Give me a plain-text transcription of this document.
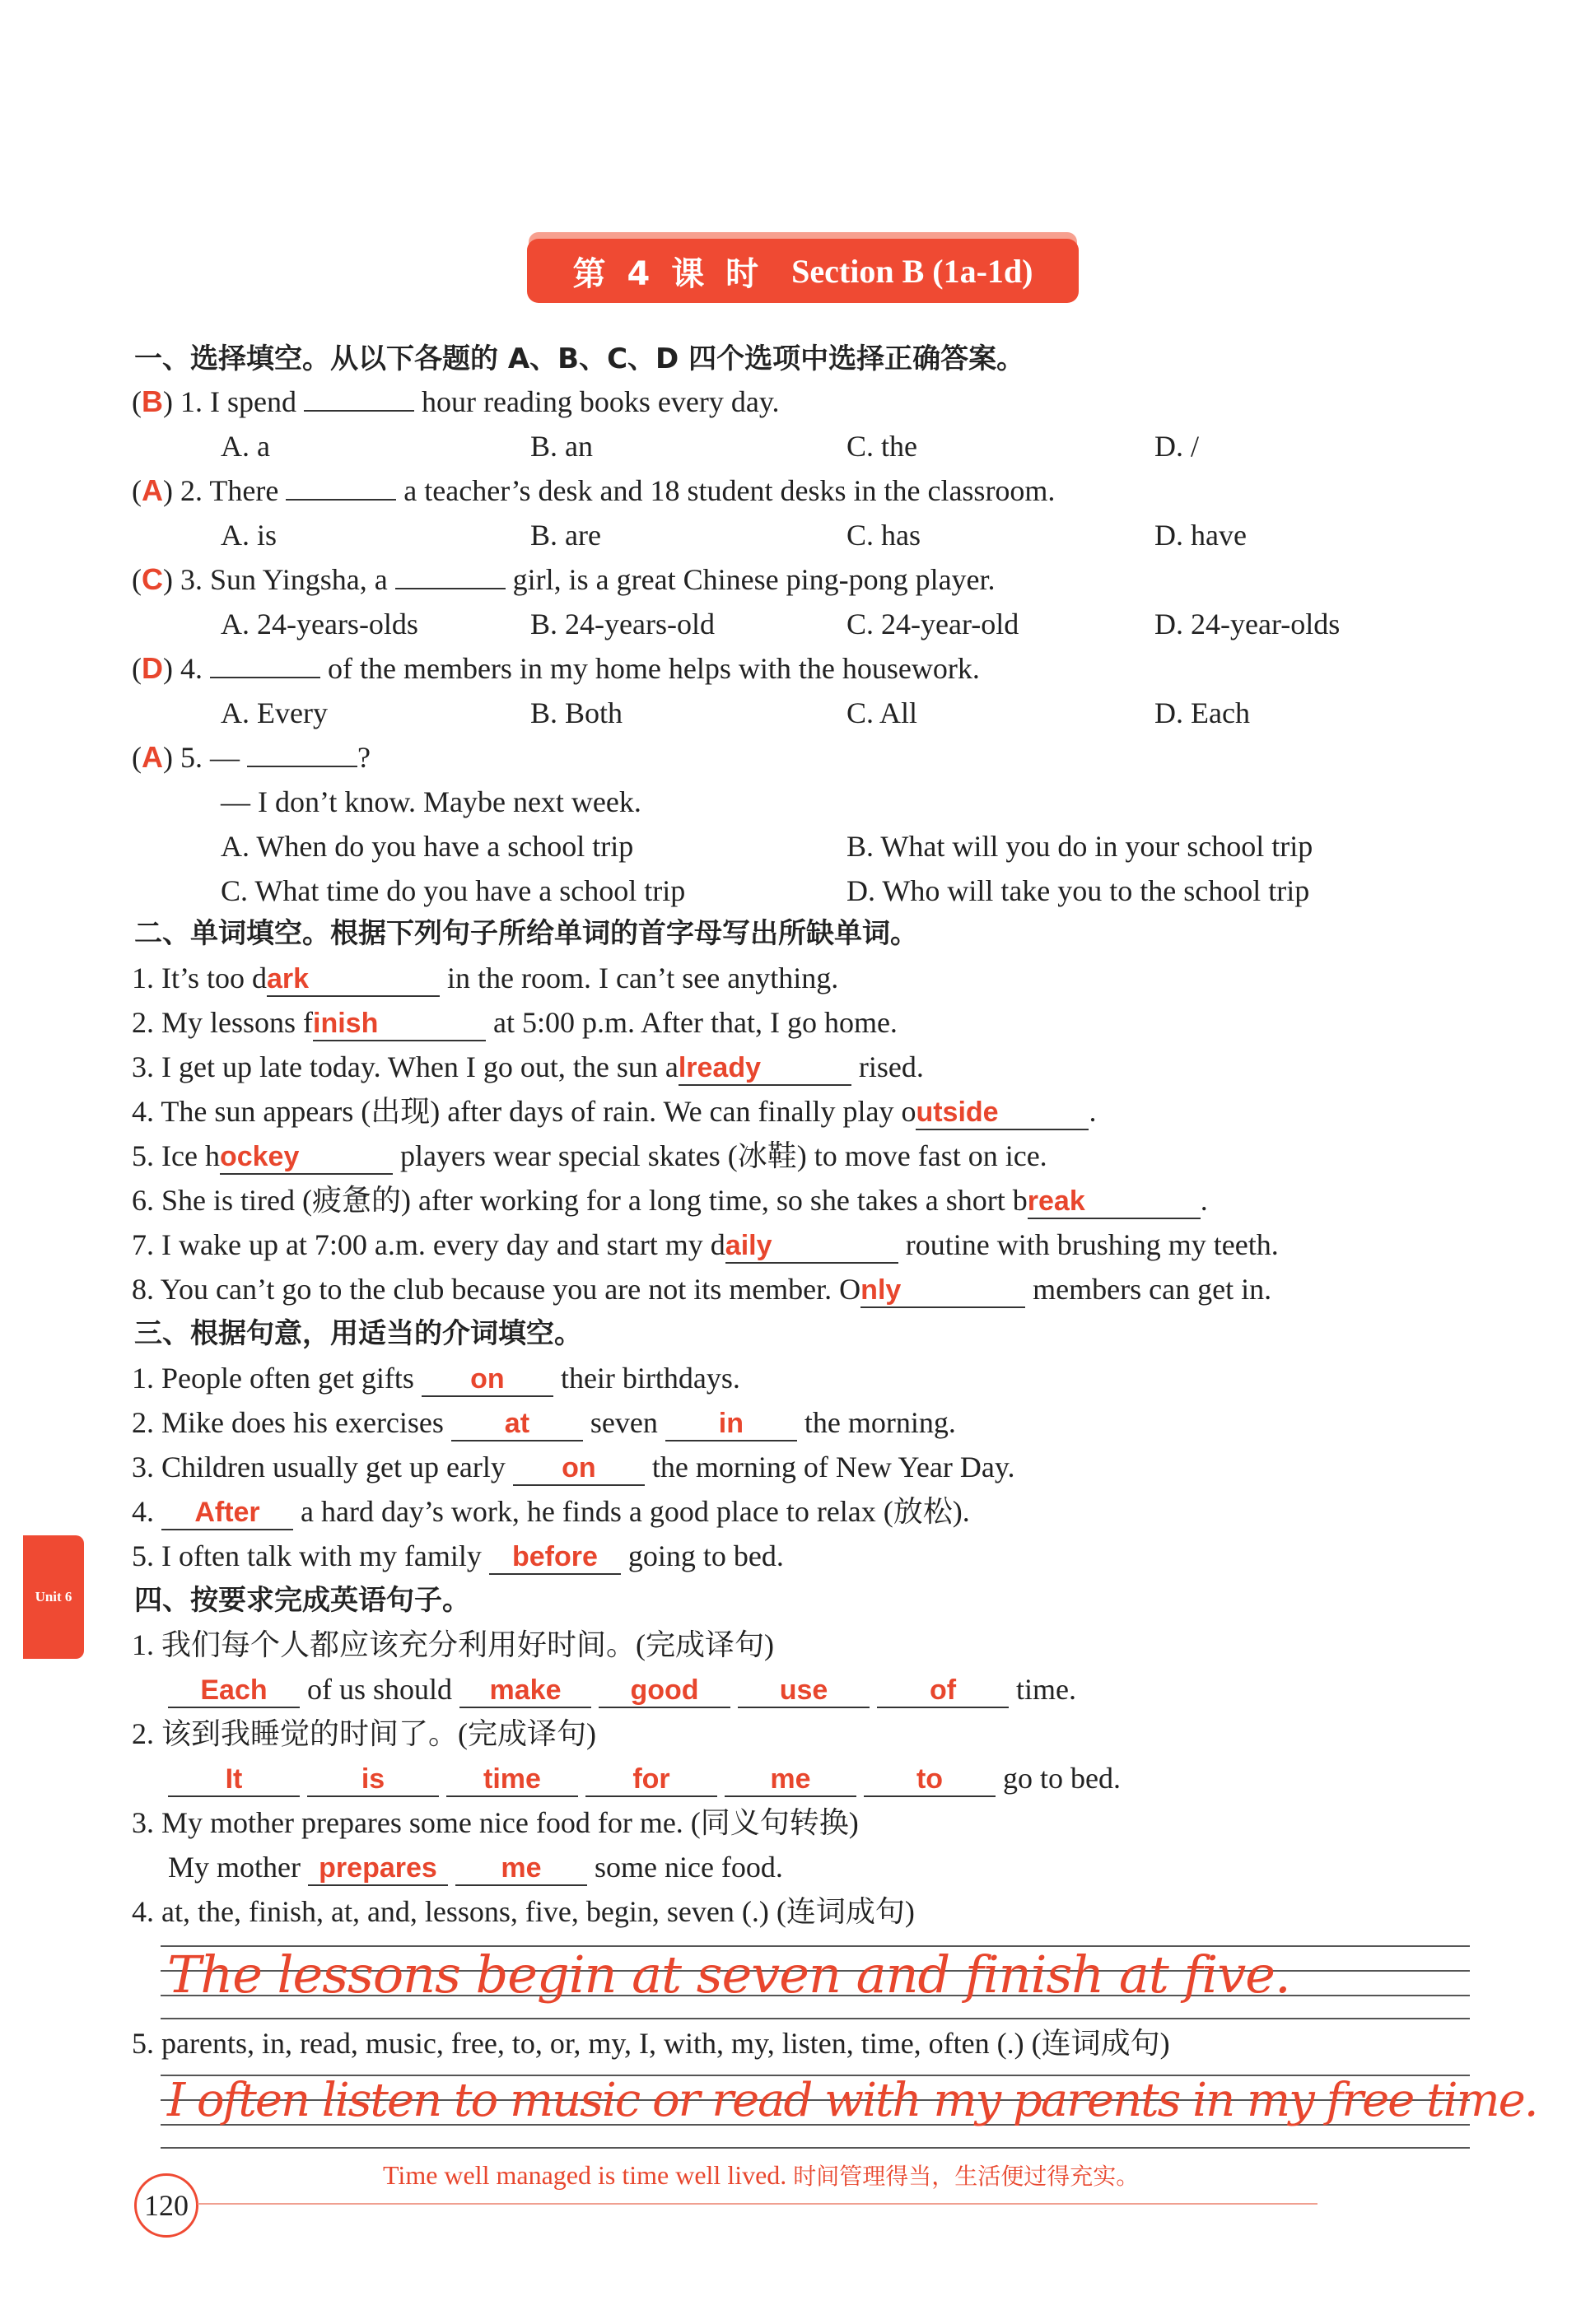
第 4 课 时 Section B (1a-1d)
一、选择填空。从以下各题的 A、B、C、D 四个选项中选择正确答案。
(B) 1. I spend	hour reading books every day.
A. a	B. an	C. the	D. /
(A) 2. There	a teacher’s desk and 18 student desks in the classroom.
A. is	B. are	C. has	D. have
(C) 3. Sun Yingsha, a	girl, is a great Chinese ping-pong player.
A. 24-years-olds	B. 24-years-old	C. 24-year-old	D. 24-year-olds
(D) 4.	of the members in my home helps with the housework.
A. Every	B. Both	C. All	D. Each
(A) 5. —	?
— I don’t know. Maybe next week.
A. When do you have a school trip	B. What will you do in your school trip
C. What time do you have a school trip	D. Who will take you to the school trip
二、单词填空。根据下列句子所给单词的首字母写出所缺单词。
1. It’s too dark	in the room. I can’t see anything.
2. My lessons finish	at 5:00 p.m. After that, I go home.
3. I get up late today. When I go out, the sun already	rised.
4. The sun appears (出现) after days of rain. We can finally play outside	.
5. Ice hockey	players wear special skates (冰鞋) to move fast on ice.
6. She is tired (疲惫的) after working for a long time, so she takes a short break	.
7. I wake up at 7:00 a.m. every day and start my daily	routine with brushing my teeth.
8. You can’t go to the club because you are not its member. Only	members can get in.
三、根据句意，用适当的介词填空。
1. People often get gifts on their birthdays.
2. Mike does his exercises at seven in the morning.
3. Children usually get up early on the morning of New Year Day.
4. After a hard day’s work, he finds a good place to relax (放松).
5. I often talk with my family before going to bed.
四、按要求完成英语句子。
1. 我们每个人都应该充分利用好时间。(完成译句)
Each of us should make good	use	of time.
2. 该到我睡觉的时间了。(完成译句)
It	is	time	for	me	to go to bed.
3. My mother prepares some nice food for me. (同义句转换)
My mother prepares me some nice food.
4. at, the, finish, at, and, lessons, five, begin, seven (.) (连词成句)
The lessons begin at seven and finish at five.
5. parents, in, read, music, free, to, or, my, I, with, my, listen, time, often (.) (连词成句)
I often listen to music or read with my parents in my free time.
Unit 6
120
Time well managed is time well lived. 时间管理得当，生活便过得充实。
